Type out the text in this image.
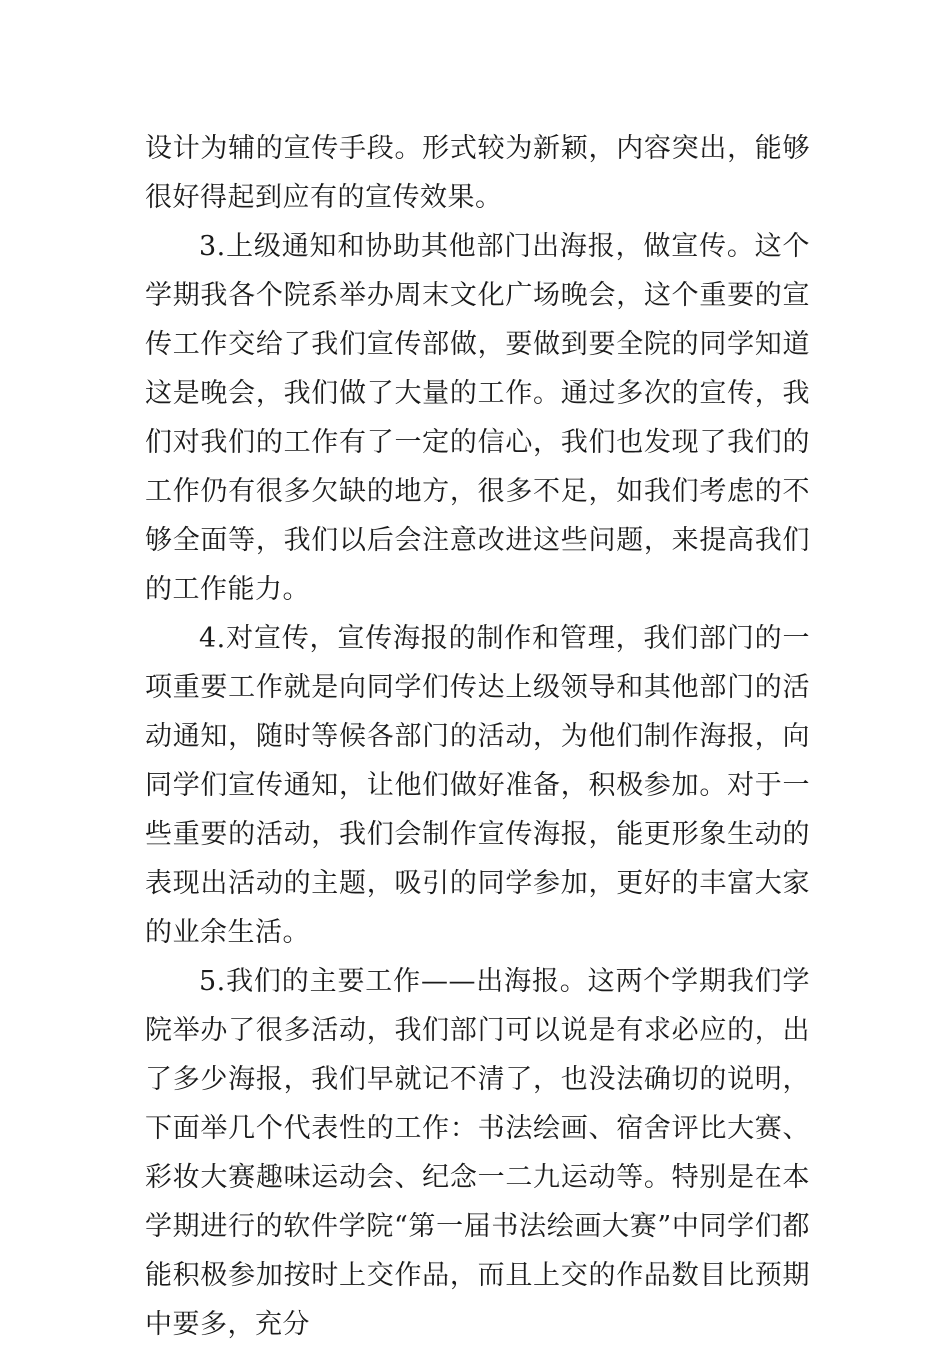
设计为辅的宣传手段。形式较为新颖，内容突出，能够很好得起到应有的宣传效果。

3.上级通知和协助其他部门出海报，做宣传。这个学期我各个院系举办周末文化广场晚会，这个重要的宣传工作交给了我们宣传部做，要做到要全院的同学知道这是晚会，我们做了大量的工作。通过多次的宣传，我们对我们的工作有了一定的信心，我们也发现了我们的工作仍有很多欠缺的地方，很多不足，如我们考虑的不够全面等，我们以后会注意改进这些问题，来提高我们的工作能力。

4.对宣传，宣传海报的制作和管理，我们部门的一项重要工作就是向同学们传达上级领导和其他部门的活动通知，随时等候各部门的活动，为他们制作海报，向同学们宣传通知，让他们做好准备，积极参加。对于一些重要的活动，我们会制作宣传海报，能更形象生动的表现出活动的主题，吸引的同学参加，更好的丰富大家的业余生活。

5.我们的主要工作——出海报。这两个学期我们学院举办了很多活动，我们部门可以说是有求必应的，出了多少海报，我们早就记不清了，也没法确切的说明，下面举几个代表性的工作：书法绘画、宿舍评比大赛、彩妆大赛趣味运动会、纪念一二九运动等。特别是在本学期进行的软件学院“第一届书法绘画大赛”中同学们都能积极参加按时上交作品，而且上交的作品数目比预期中要多，充分
